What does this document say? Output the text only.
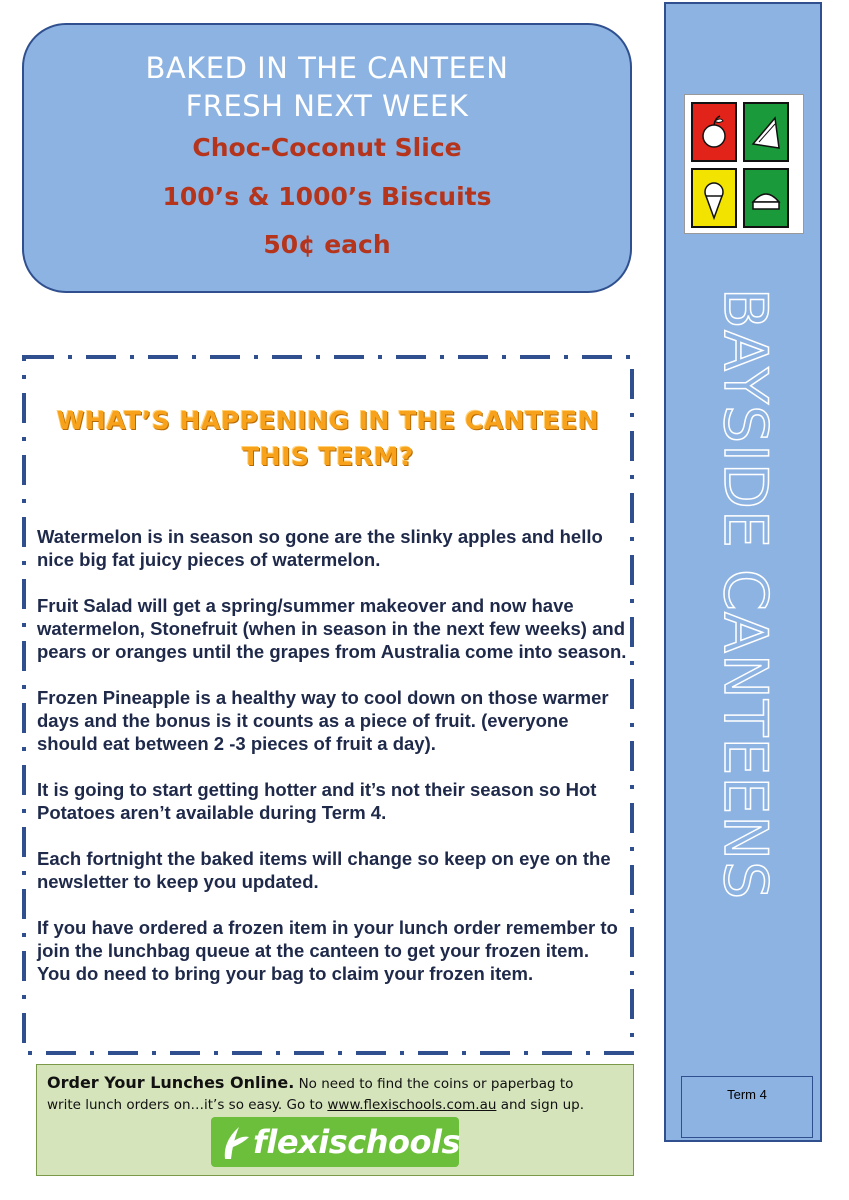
BAKED IN THE CANTEEN
FRESH NEXT WEEK
Choc-Coconut Slice
100’s & 1000’s Biscuits
50¢ each
BAYSIDE CANTEENS
Term 4
WHAT’S HAPPENING IN THE CANTEEN
THIS TERM?

Watermelon is in season so gone are the slinky apples and hello nice big fat juicy pieces of watermelon.

Fruit Salad will get a spring/summer makeover and now have watermelon, Stonefruit (when in season in the next few weeks) and pears or oranges until the grapes from Australia come into season.

Frozen Pineapple is a healthy way to cool down on those warmer days and the bonus is it counts as a piece of fruit. (everyone should eat between 2 -3 pieces of fruit a day).

It is going to start getting hotter and it’s not their season so Hot Potatoes aren’t available during Term 4.

Each fortnight the baked items will change so keep on eye on the newsletter to keep you updated.

If you have ordered a frozen item in your lunch order remember to join the lunchbag queue at the canteen to get your frozen item. You do need to bring your bag to claim your frozen item.

Order Your Lunches Online. No need to find the coins or paperbag to
write lunch orders on…it’s so easy. Go to www.flexischools.com.au and sign up.
flexischools
